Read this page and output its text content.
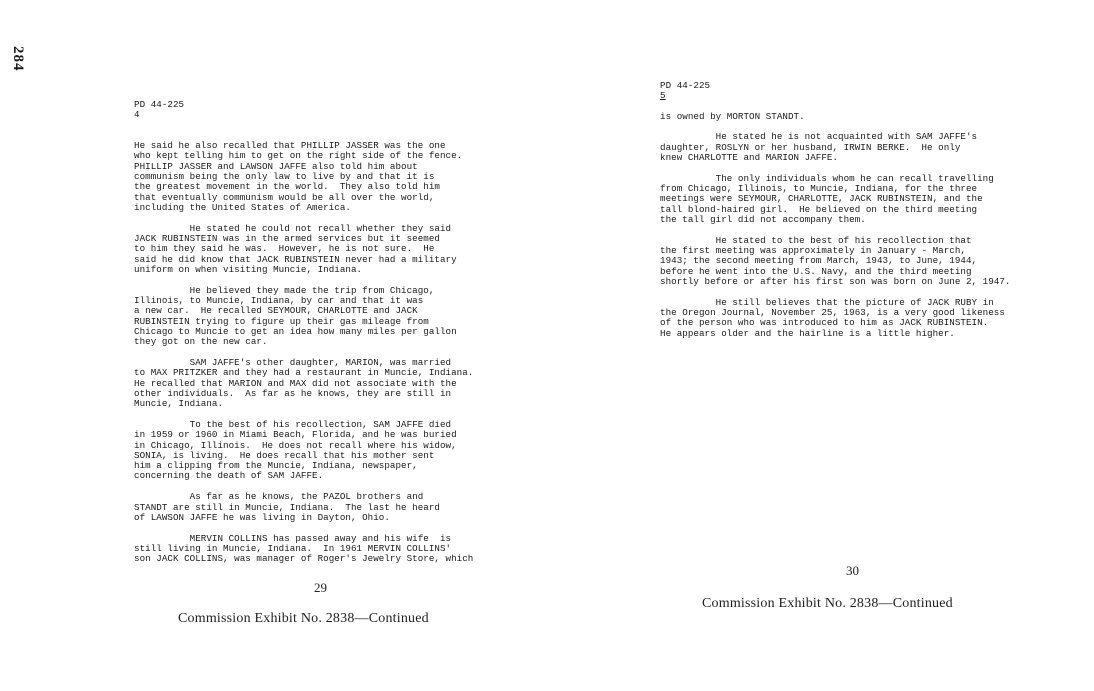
284

PD 44-225

4

He said he also recalled that PHILLIP JASSER was the one
who kept telling him to get on the right side of the fence.
PHILLIP JASSER and LAWSON JAFFE also told him about
communism being the only law to live by and that it is
the greatest movement in the world.  They also told him
that eventually communism would be all over the world,
including the United States of America.

He stated he could not recall whether they said
JACK RUBINSTEIN was in the armed services but it seemed
to him they said he was.  However, he is not sure.  He
said he did know that JACK RUBINSTEIN never had a military
uniform on when visiting Muncie, Indiana.

He believed they made the trip from Chicago,
Illinois, to Muncie, Indiana, by car and that it was
a new car.  He recalled SEYMOUR, CHARLOTTE and JACK
RUBINSTEIN trying to figure up their gas mileage from
Chicago to Muncie to get an idea how many miles per gallon
they got on the new car.

SAM JAFFE's other daughter, MARION, was married
to MAX PRITZKER and they had a restaurant in Muncie, Indiana.
He recalled that MARION and MAX did not associate with the
other individuals.  As far as he knows, they are still in
Muncie, Indiana.

To the best of his recollection, SAM JAFFE died
in 1959 or 1960 in Miami Beach, Florida, and he was buried
in Chicago, Illinois.  He does not recall where his widow,
SONIA, is living.  He does recall that his mother sent
him a clipping from the Muncie, Indiana, newspaper,
concerning the death of SAM JAFFE.

As far as he knows, the PAZOL brothers and
STANDT are still in Muncie, Indiana.  The last he heard
of LAWSON JAFFE he was living in Dayton, Ohio.

MERVIN COLLINS has passed away and his wife  is
still living in Muncie, Indiana.  In 1961 MERVIN COLLINS'
son JACK COLLINS, was manager of Roger's Jewelry Store, which

PD 44-225

5

is owned by MORTON STANDT.

He stated he is not acquainted with SAM JAFFE's
daughter, ROSLYN or her husband, IRWIN BERKE.  He only
knew CHARLOTTE and MARION JAFFE.

The only individuals whom he can recall travelling
from Chicago, Illinois, to Muncie, Indiana, for the three
meetings were SEYMOUR, CHARLOTTE, JACK RUBINSTEIN, and the
tall blond-haired girl.  He believed on the third meeting
the tall girl did not accompany them.

He stated to the best of his recollection that
the first meeting was approximately in January - March,
1943; the second meeting from March, 1943, to June, 1944,
before he went into the U.S. Navy, and the third meeting
shortly before or after his first son was born on June 2, 1947.

He still believes that the picture of JACK RUBY in
the Oregon Journal, November 25, 1963, is a very good likeness
of the person who was introduced to him as JACK RUBINSTEIN.
He appears older and the hairline is a little higher.

29
30
Commission Exhibit No. 2838—Continued
Commission Exhibit No. 2838—Continued
